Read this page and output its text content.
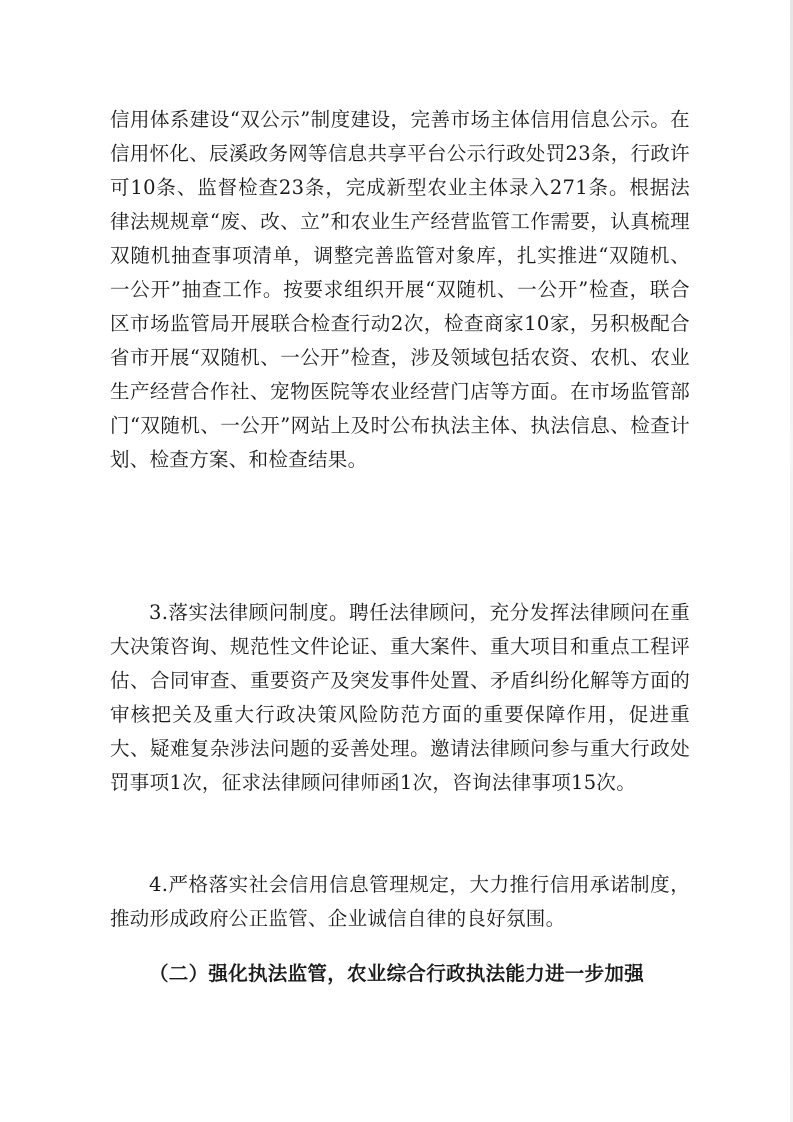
信用体系建设“双公示”制度建设，完善市场主体信用信息公示。在信用怀化、辰溪政务网等信息共享平台公示行政处罚23条，行政许可10条、监督检查23条，完成新型农业主体录入271条。根据法律法规规章“废、改、立”和农业生产经营监管工作需要，认真梳理双随机抽查事项清单，调整完善监管对象库，扎实推进“双随机、一公开”抽查工作。按要求组织开展“双随机、一公开”检查，联合区市场监管局开展联合检查行动2次，检查商家10家，另积极配合省市开展“双随机、一公开”检查，涉及领域包括农资、农机、农业生产经营合作社、宠物医院等农业经营门店等方面。在市场监管部门“双随机、一公开”网站上及时公布执法主体、执法信息、检查计划、检查方案、和检查结果。

3.落实法律顾问制度。聘任法律顾问，充分发挥法律顾问在重大决策咨询、规范性文件论证、重大案件、重大项目和重点工程评估、合同审查、重要资产及突发事件处置、矛盾纠纷化解等方面的审核把关及重大行政决策风险防范方面的重要保障作用，促进重大、疑难复杂涉法问题的妥善处理。邀请法律顾问参与重大行政处罚事项1次，征求法律顾问律师函1次，咨询法律事项15次。

4.严格落实社会信用信息管理规定，大力推行信用承诺制度，推动形成政府公正监管、企业诚信自律的良好氛围。

（二）强化执法监管，农业综合行政执法能力进一步加强
